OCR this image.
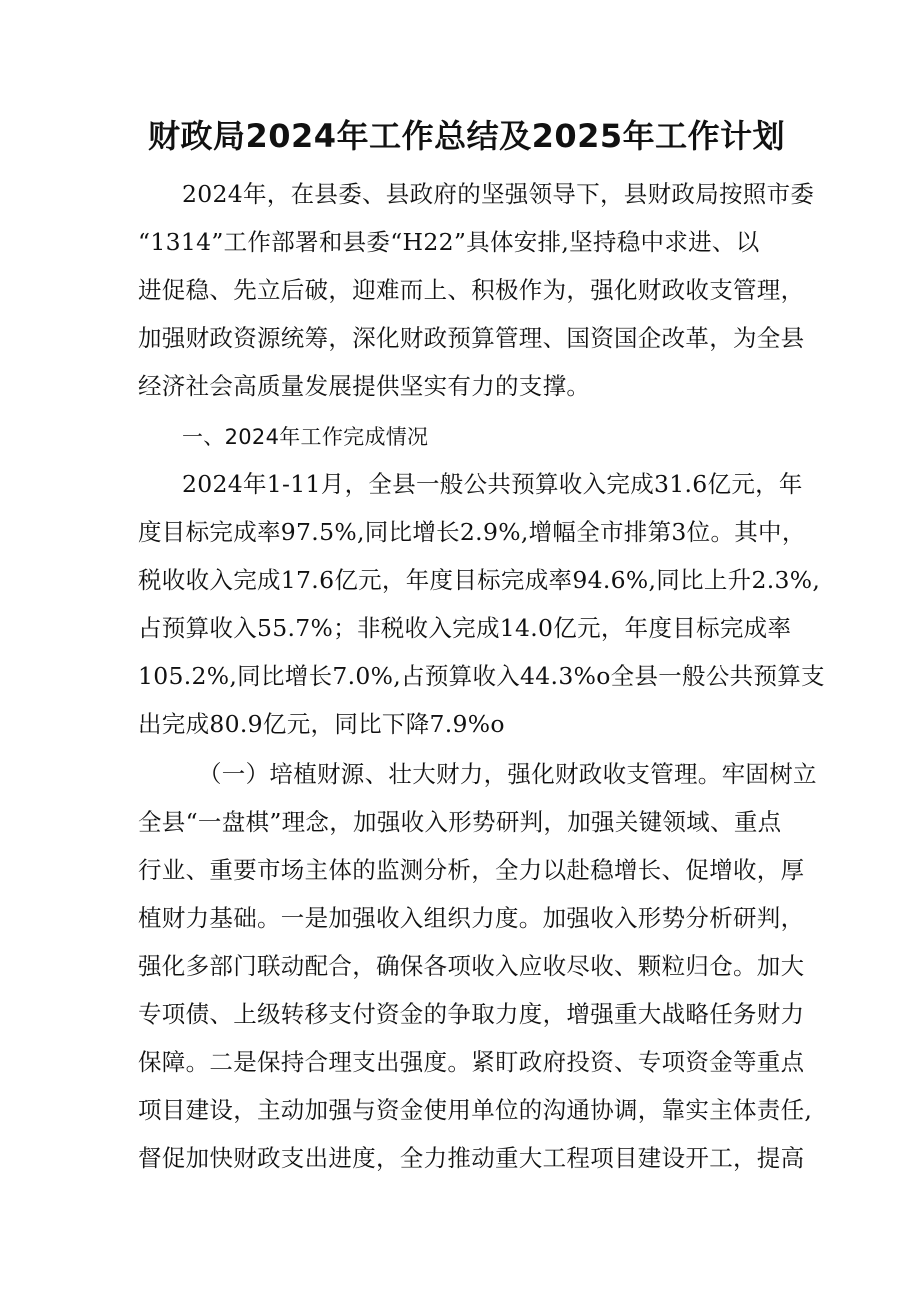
财政局2024年工作总结及2025年工作计划
2024年，在县委、县政府的坚强领导下，县财政局按照市委
“1314”工作部署和县委“H22”具体安排,坚持稳中求进、以
进促稳、先立后破，迎难而上、积极作为，强化财政收支管理，
加强财政资源统筹，深化财政预算管理、国资国企改革，为全县
经济社会高质量发展提供坚实有力的支撑。
一、2024年工作完成情况
2024年1-11月，全县一般公共预算收入完成31.6亿元，年
度目标完成率97.5%,同比增长2.9%,增幅全市排第3位。其中，
税收收入完成17.6亿元，年度目标完成率94.6%,同比上升2.3%,
占预算收入55.7%；非税收入完成14.0亿元，年度目标完成率
105.2%,同比增长7.0%,占预算收入44.3%o全县一般公共预算支
出完成80.9亿元，同比下降7.9%o
（一）培植财源、壮大财力，强化财政收支管理。牢固树立
全县“一盘棋”理念，加强收入形势研判，加强关键领域、重点
行业、重要市场主体的监测分析，全力以赴稳增长、促增收，厚
植财力基础。一是加强收入组织力度。加强收入形势分析研判，
强化多部门联动配合，确保各项收入应收尽收、颗粒归仓。加大
专项债、上级转移支付资金的争取力度，增强重大战略任务财力
保障。二是保持合理支出强度。紧盯政府投资、专项资金等重点
项目建设，主动加强与资金使用单位的沟通协调，靠实主体责任,
督促加快财政支出进度，全力推动重大工程项目建设开工，提高
